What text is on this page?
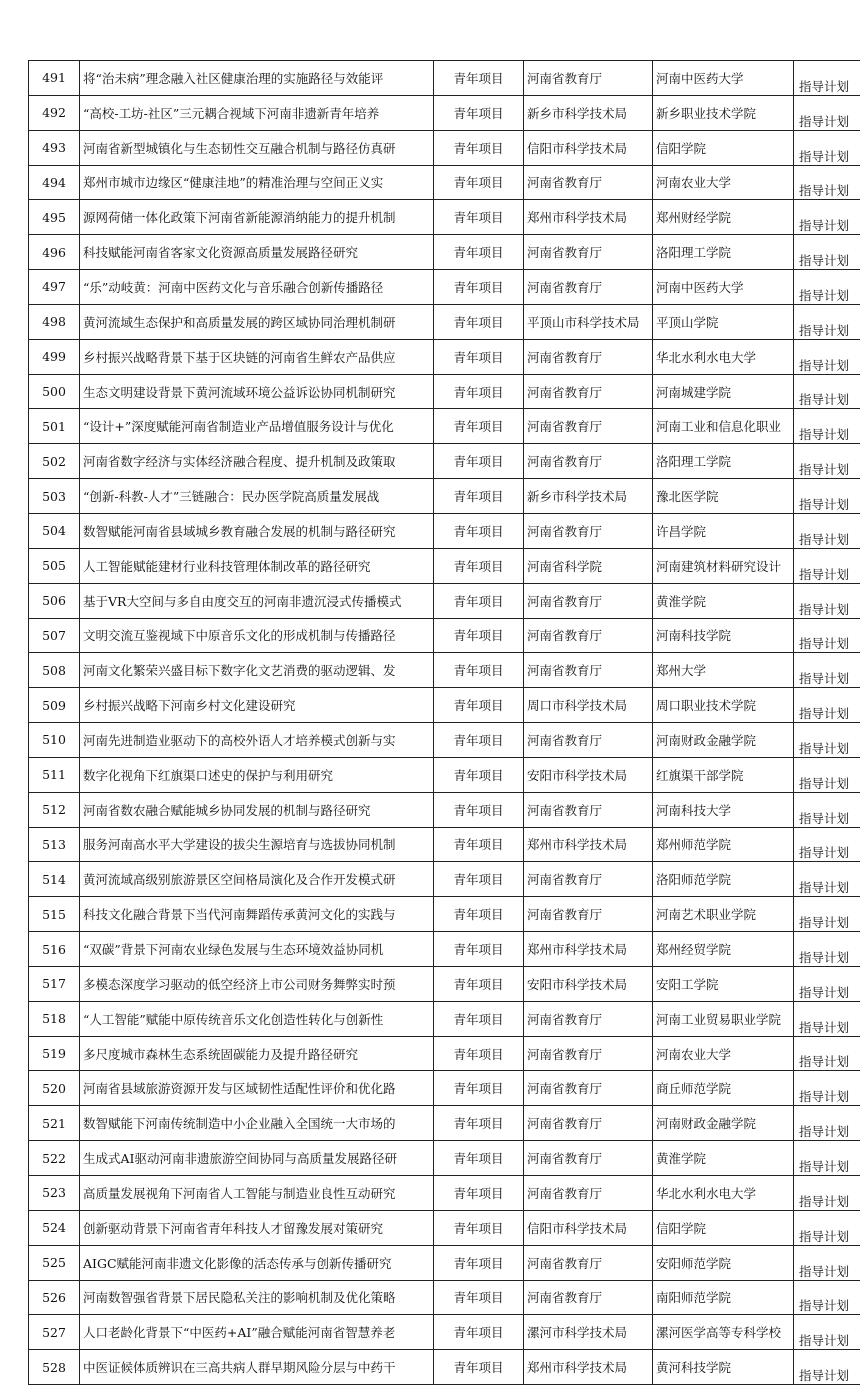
491	将“治未病”理念融入社区健康治理的实施路径与效能评	青年项目	河南省教育厅	河南中医药大学	指导计划
492	“高校-工坊-社区”三元耦合视域下河南非遗新青年培养	青年项目	新乡市科学技术局	新乡职业技术学院	指导计划
493	河南省新型城镇化与生态韧性交互融合机制与路径仿真研	青年项目	信阳市科学技术局	信阳学院	指导计划
494	郑州市城市边缘区“健康洼地”的精准治理与空间正义实	青年项目	河南省教育厅	河南农业大学	指导计划
495	源网荷储一体化政策下河南省新能源消纳能力的提升机制	青年项目	郑州市科学技术局	郑州财经学院	指导计划
496	科技赋能河南省客家文化资源高质量发展路径研究	青年项目	河南省教育厅	洛阳理工学院	指导计划
497	“乐”动岐黄：河南中医药文化与音乐融合创新传播路径	青年项目	河南省教育厅	河南中医药大学	指导计划
498	黄河流域生态保护和高质量发展的跨区域协同治理机制研	青年项目	平顶山市科学技术局	平顶山学院	指导计划
499	乡村振兴战略背景下基于区块链的河南省生鲜农产品供应	青年项目	河南省教育厅	华北水利水电大学	指导计划
500	生态文明建设背景下黄河流域环境公益诉讼协同机制研究	青年项目	河南省教育厅	河南城建学院	指导计划
501	“设计+”深度赋能河南省制造业产品增值服务设计与优化	青年项目	河南省教育厅	河南工业和信息化职业	指导计划
502	河南省数字经济与实体经济融合程度、提升机制及政策取	青年项目	河南省教育厅	洛阳理工学院	指导计划
503	“创新-科教-人才”三链融合：民办医学院高质量发展战	青年项目	新乡市科学技术局	豫北医学院	指导计划
504	数智赋能河南省县域城乡教育融合发展的机制与路径研究	青年项目	河南省教育厅	许昌学院	指导计划
505	人工智能赋能建材行业科技管理体制改革的路径研究	青年项目	河南省科学院	河南建筑材料研究设计	指导计划
506	基于VR大空间与多自由度交互的河南非遗沉浸式传播模式	青年项目	河南省教育厅	黄淮学院	指导计划
507	文明交流互鉴视域下中原音乐文化的形成机制与传播路径	青年项目	河南省教育厅	河南科技学院	指导计划
508	河南文化繁荣兴盛目标下数字化文艺消费的驱动逻辑、发	青年项目	河南省教育厅	郑州大学	指导计划
509	乡村振兴战略下河南乡村文化建设研究	青年项目	周口市科学技术局	周口职业技术学院	指导计划
510	河南先进制造业驱动下的高校外语人才培养模式创新与实	青年项目	河南省教育厅	河南财政金融学院	指导计划
511	数字化视角下红旗渠口述史的保护与利用研究	青年项目	安阳市科学技术局	红旗渠干部学院	指导计划
512	河南省数农融合赋能城乡协同发展的机制与路径研究	青年项目	河南省教育厅	河南科技大学	指导计划
513	服务河南高水平大学建设的拔尖生源培育与选拔协同机制	青年项目	郑州市科学技术局	郑州师范学院	指导计划
514	黄河流域高级别旅游景区空间格局演化及合作开发模式研	青年项目	河南省教育厅	洛阳师范学院	指导计划
515	科技文化融合背景下当代河南舞蹈传承黄河文化的实践与	青年项目	河南省教育厅	河南艺术职业学院	指导计划
516	“双碳”背景下河南农业绿色发展与生态环境效益协同机	青年项目	郑州市科学技术局	郑州经贸学院	指导计划
517	多模态深度学习驱动的低空经济上市公司财务舞弊实时预	青年项目	安阳市科学技术局	安阳工学院	指导计划
518	“人工智能”赋能中原传统音乐文化创造性转化与创新性	青年项目	河南省教育厅	河南工业贸易职业学院	指导计划
519	多尺度城市森林生态系统固碳能力及提升路径研究	青年项目	河南省教育厅	河南农业大学	指导计划
520	河南省县域旅游资源开发与区域韧性适配性评价和优化路	青年项目	河南省教育厅	商丘师范学院	指导计划
521	数智赋能下河南传统制造中小企业融入全国统一大市场的	青年项目	河南省教育厅	河南财政金融学院	指导计划
522	生成式AI驱动河南非遗旅游空间协同与高质量发展路径研	青年项目	河南省教育厅	黄淮学院	指导计划
523	高质量发展视角下河南省人工智能与制造业良性互动研究	青年项目	河南省教育厅	华北水利水电大学	指导计划
524	创新驱动背景下河南省青年科技人才留豫发展对策研究	青年项目	信阳市科学技术局	信阳学院	指导计划
525	AIGC赋能河南非遗文化影像的活态传承与创新传播研究	青年项目	河南省教育厅	安阳师范学院	指导计划
526	河南数智强省背景下居民隐私关注的影响机制及优化策略	青年项目	河南省教育厅	南阳师范学院	指导计划
527	人口老龄化背景下“中医药+AI”融合赋能河南省智慧养老	青年项目	漯河市科学技术局	漯河医学高等专科学校	指导计划
528	中医证候体质辨识在三高共病人群早期风险分层与中药干	青年项目	郑州市科学技术局	黄河科技学院	指导计划
